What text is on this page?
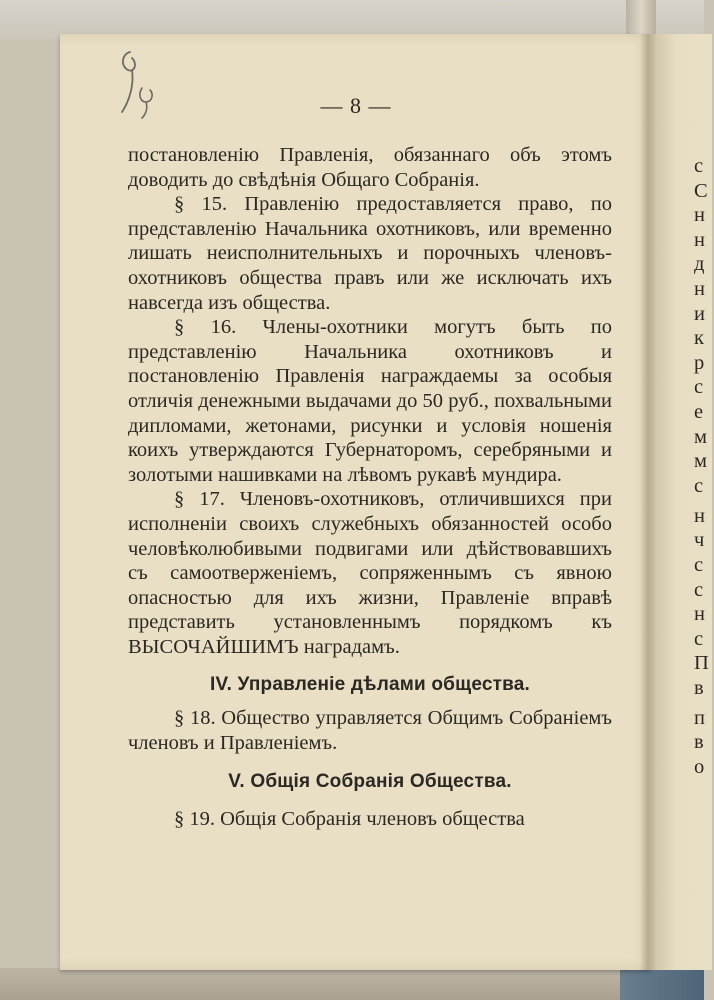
— 8 —

постановленію Правленія, обязаннаго объ этомъ доводить до свѣдѣнія Общаго Собранія.

§ 15. Правленію предоставляется право, по представленію Начальника охотниковъ, или временно лишать неисполнительныхъ и порочныхъ членовъ-охотниковъ общества правъ или же исключать ихъ навсегда изъ общества.

§ 16. Члены-охотники могутъ быть по представленію Начальника охотниковъ и постановленію Правленія награждаемы за особыя отличія денежными выдачами до 50 руб., похвальными дипломами, жетонами, рисунки и условія ношенія коихъ утверждаются Губернаторомъ, серебряными и золотыми нашивками на лѣвомъ рукавѣ мундира.

§ 17. Членовъ-охотниковъ, отличившихся при исполненіи своихъ служебныхъ обязанностей особо человѣколюбивыми подвигами или дѣйствовавшихъ съ самоотверженіемъ, сопряженнымъ съ явною опасностью для ихъ жизни, Правленіе вправѣ представить установленнымъ порядкомъ къ ВЫСОЧАЙШИМЪ наградамъ.

IV. Управленіе дѣлами общества.

§ 18. Общество управляется Общимъ Собраніемъ членовъ и Правленіемъ.

V. Общія Собранія Общества.

§ 19. Общія Собранія членовъ общества

с
С
н
н
д
н
и
к
р
с
е
м
м
с
н
ч
с
с
н
с
П
в
п
в
о
